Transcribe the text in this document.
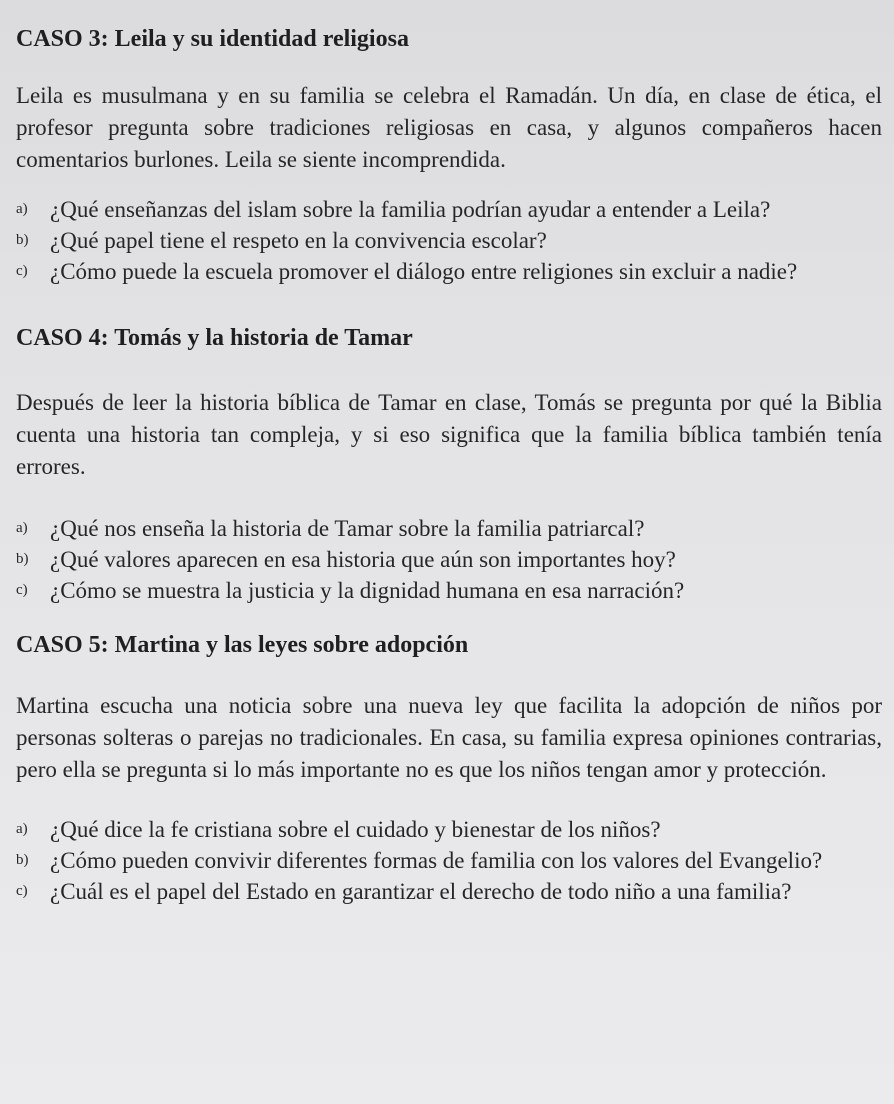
CASO 3: Leila y su identidad religiosa

Leila es musulmana y en su familia se celebra el Ramadán. Un día, en clase de ética, el profesor pregunta sobre tradiciones religiosas en casa, y algunos compañeros hacen comentarios burlones. Leila se siente incomprendida.

a) ¿Qué enseñanzas del islam sobre la familia podrían ayudar a entender a Leila?
b) ¿Qué papel tiene el respeto en la convivencia escolar?
c) ¿Cómo puede la escuela promover el diálogo entre religiones sin excluir a nadie?
CASO 4: Tomás y la historia de Tamar

Después de leer la historia bíblica de Tamar en clase, Tomás se pregunta por qué la Biblia cuenta una historia tan compleja, y si eso significa que la familia bíblica también tenía errores.

a) ¿Qué nos enseña la historia de Tamar sobre la familia patriarcal?
b) ¿Qué valores aparecen en esa historia que aún son importantes hoy?
c) ¿Cómo se muestra la justicia y la dignidad humana en esa narración?
CASO 5: Martina y las leyes sobre adopción

Martina escucha una noticia sobre una nueva ley que facilita la adopción de niños por personas solteras o parejas no tradicionales. En casa, su familia expresa opiniones contrarias, pero ella se pregunta si lo más importante no es que los niños tengan amor y protección.

a) ¿Qué dice la fe cristiana sobre el cuidado y bienestar de los niños?
b) ¿Cómo pueden convivir diferentes formas de familia con los valores del Evangelio?
c) ¿Cuál es el papel del Estado en garantizar el derecho de todo niño a una familia?
